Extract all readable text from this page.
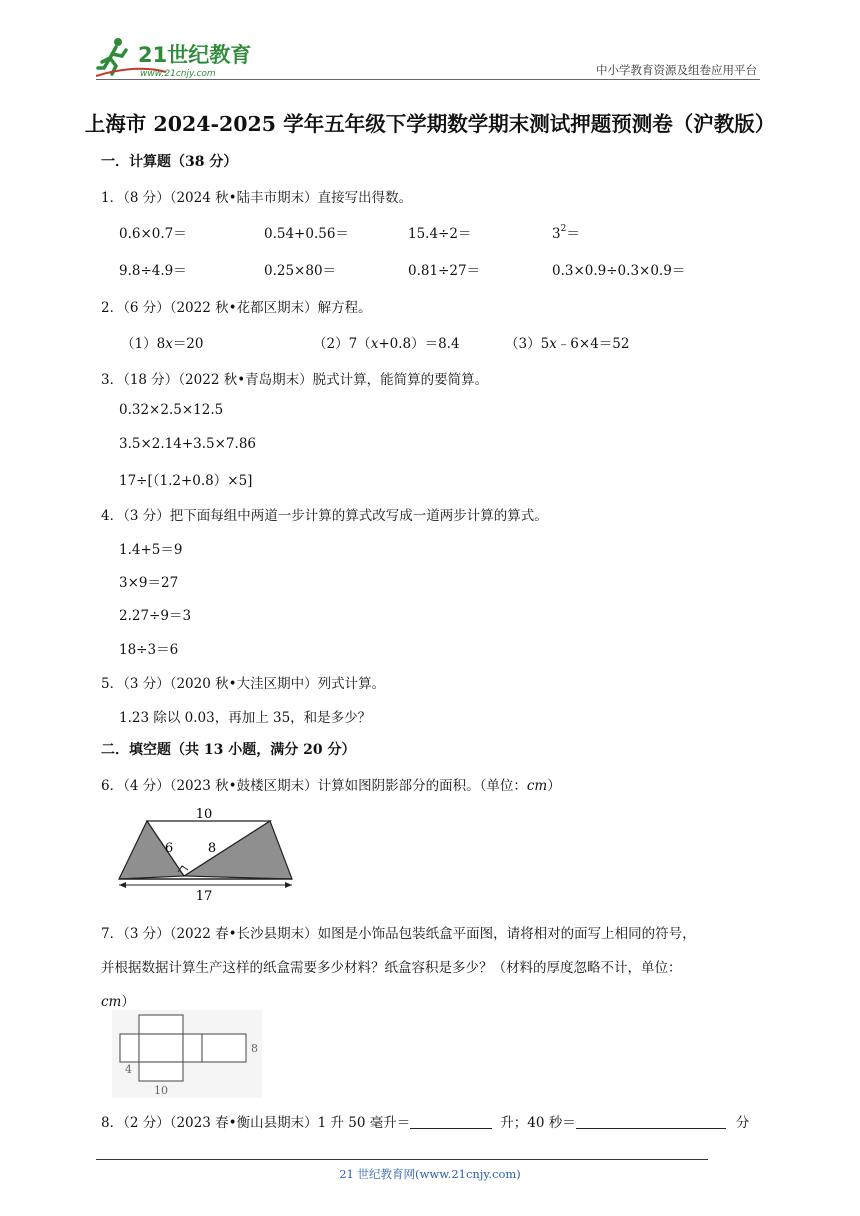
21世纪教育
www.21cnjy.com	中小学教育资源及组卷应用平台
上海市 2024-2025 学年五年级下学期数学期末测试押题预测卷（沪教版）
一．计算题（38 分）
1．（8 分）（2024 秋•陆丰市期末）直接写出得数。
0.6×0.7＝	0.54+0.56＝	15.4÷2＝	$3^2=$
9.8÷4.9＝	0.25×80＝	0.81÷27＝	0.3×0.9÷0.3×0.9＝
2．（6 分）（2022 秋•花都区期末）解方程。
（1）8x＝20	（2）7（x+0.8）＝8.4	（3）5x﹣6×4＝52
3．（18 分）（2022 秋•青岛期末）脱式计算，能简算的要简算。
0.32×2.5×12.5
3.5×2.14+3.5×7.86
17÷[（1.2+0.8）×5]
4．（3 分）把下面每组中两道一步计算的算式改写成一道两步计算的算式。
1.4+5＝9
3×9＝27
2.27÷9＝3
18÷3＝6
5．（3 分）（2020 秋•大洼区期中）列式计算。
1.23 除以 0.03，再加上 35，和是多少？
二．填空题（共 13 小题，满分 20 分）
6．（4 分）（2023 秋•鼓楼区期末）计算如图阴影部分的面积。（单位：cm）
10
6	8
17
7．（3 分）（2022 春•长沙县期末）如图是小饰品包装纸盒平面图，请将相对的面写上相同的符号，
并根据数据计算生产这样的纸盒需要多少材料？纸盒容积是多少？（材料的厚度忽略不计，单位：
cm）
8
4
10
8．（2 分）（2023 春•衡山县期末）1 升 50 毫升＝	升；40 秒＝	分
21 世纪教育网(www.21cnjy.com)
